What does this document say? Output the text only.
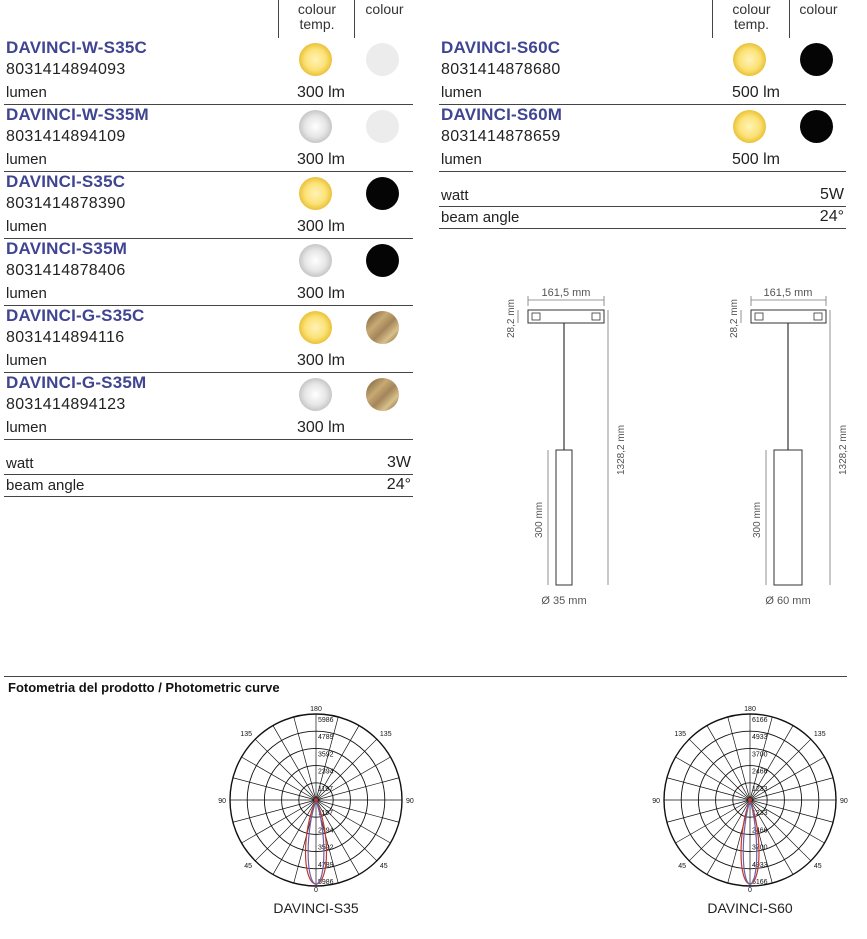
colour
temp.
colour
DAVINCI-W-S35C
8031414894093
lumen	300 lm
DAVINCI-W-S35M
8031414894109
lumen	300 lm
DAVINCI-S35C
8031414878390
lumen	300 lm
DAVINCI-S35M
8031414878406
lumen	300 lm
DAVINCI-G-S35C
8031414894116
lumen	300 lm
DAVINCI-G-S35M
8031414894123
lumen	300 lm
watt	3W
beam angle	24°
colour
temp.
colour
DAVINCI-S60C
8031414878680
lumen	500 lm
DAVINCI-S60M
8031414878659
lumen	500 lm
watt	5W
beam angle	24°
161,5 mm
28,2 mm
300 mm
1328,2 mm
Ø 35 mm
161,5 mm
28,2 mm
300 mm
1328,2 mm
Ø 60 mm
Fotometria del prodotto / Photometric curve
1197
1197
2394
2394
3592
3592
4789
4789
5986
5986
180
0
90	90
135	135
45	45
DAVINCI-S35
1233
1233
2466
2466
3700
3700
4933
4933
6166
6166
180
0
90	90
135	135
45	45
DAVINCI-S60
